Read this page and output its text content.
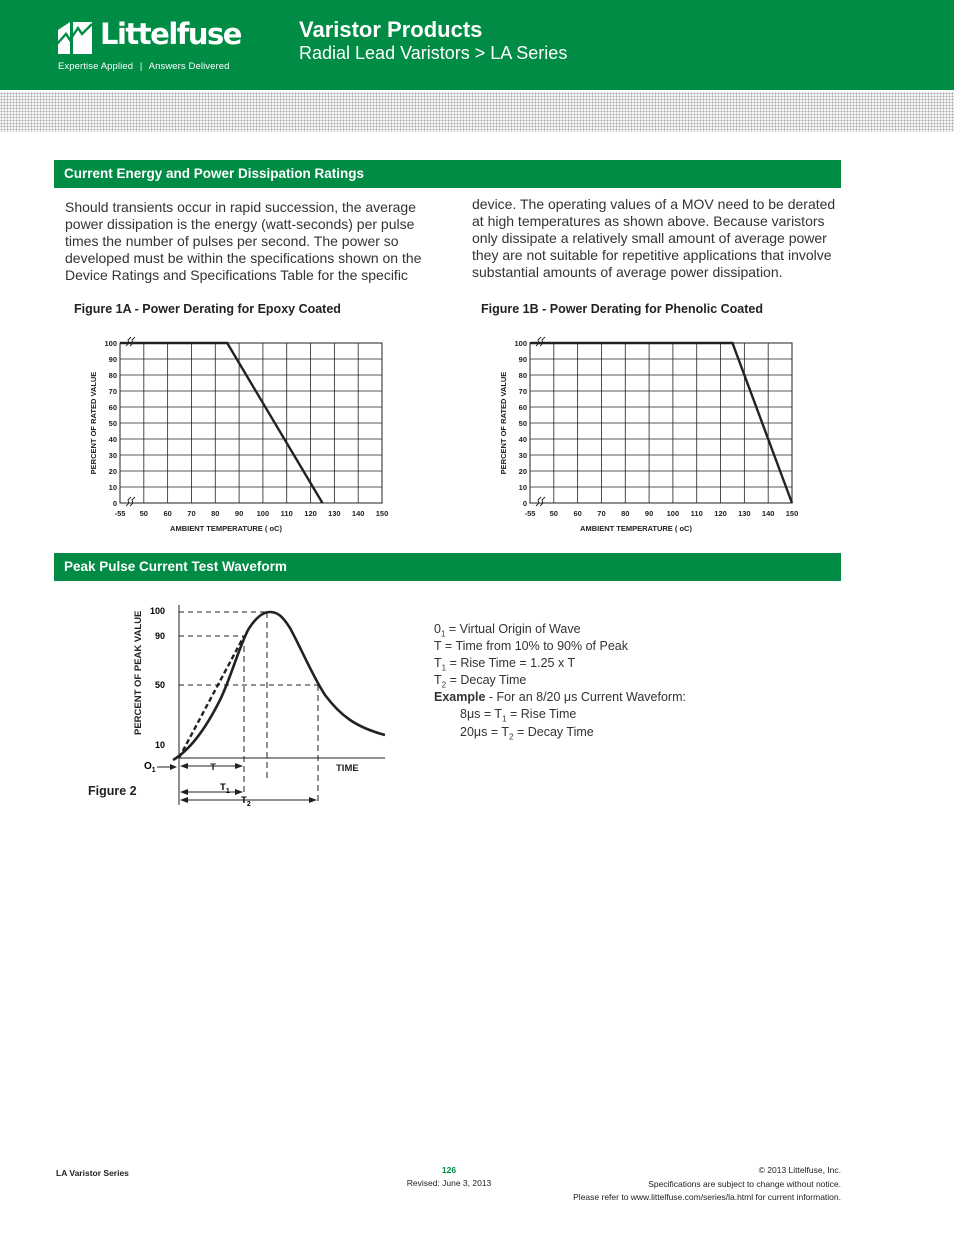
Littelfuse
Expertise Applied | Answers Delivered
Varistor Products
Radial Lead Varistors > LA Series
Current Energy and Power Dissipation Ratings
Should transients occur in rapid succession, the average
power dissipation is the energy (watt-seconds) per pulse
times the number of pulses per second. The power so
developed must be within the specifications shown on the
Device Ratings and Specifications Table for the specific
device. The operating values of a MOV need to be derated
at high temperatures as shown above. Because varistors
only dissipate a relatively small amount of average power
they are not suitable for repetitive applications that involve
substantial amounts of average power dissipation.
Figure 1A - Power Derating for Epoxy Coated	Figure 1B - Power Derating for Phenolic Coated
-55 50 60 70 80 90 100 110 120 130 140 150
0
10
20
30
40
50
60
70
80
90
100
AMBIENT TEMPERATURE ( oC)
PERCENT OF RATED VALUE
-55 50 60 70 80 90 100 110 120 130 140 150
0
10
20
30
40
50
60
70
80
90
100
AMBIENT TEMPERATURE ( oC)
PERCENT OF RATED VALUE
Peak Pulse Current Test Waveform
PERCENT OF PEAK VALUE 100
90
50
10
$O_1$	T
$T_1$
$T_2$
TIME
Figure 2
$0_1$ = Virtual Origin of Wave
T = Time from 10% to 90% of Peak
$T_1$ = Rise Time = 1.25 x T
$T_2$ = Decay Time
Example - For an 8/20 μs Current Waveform:
$8\mu s = T_1$ = Rise Time
$20\mu s = T_2$ = Decay Time
LA Varistor Series	126
Revised: June 3, 2013
© 2013 Littelfuse, Inc.
Specifications are subject to change without notice.
Please refer to www.littelfuse.com/series/la.html for current information.
